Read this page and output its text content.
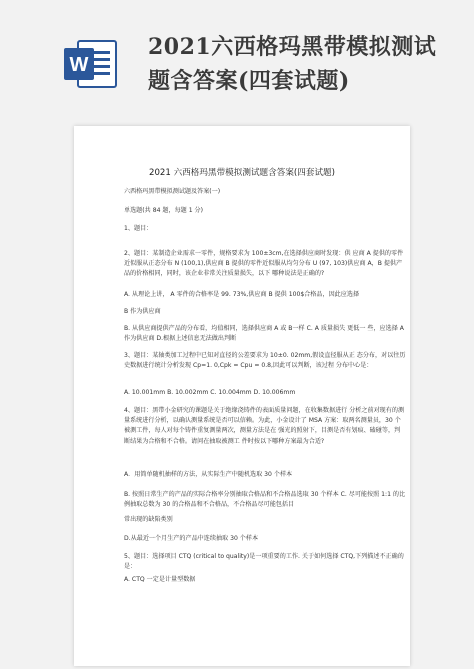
W
2021六西格玛黑带模拟测试题含答案(四套试题)

2021 六西格玛黑带模拟测试题含答案(四套试题)

六西格玛黑带模拟测试题及答案(一)

单选题(共 84 题，每题 1 分)

1、题目：

2、题目：某制造企业需求一零件，规格要求为 100±3cm,在选择供应商时发现：供 应商 A 提供的零件近似服从正态分布 N (100,1),供应商 B 提供的零件近似服从均匀分布 U (97, 103)供应商 A，B 提供产品的价格相同，同时，该企业非常关注质量损失，以下 哪种说法是正确的?

A. 从理论上讲， A 零件的合格率是 99. 73%,供应商 B 提供 100$合格品，因此应选择

B 作为供应商

B. 从供应商提供产品的分布看，均值相同，选择供应商 A 或 B一样 C. A 质量损失 更低一 些，应选择 A 作为供应商 D.根据上述信息无法做出判断

3、题目：某轴类加工过程中已知对直径的公差要求为 10±0. 02mm,假设直径服从正 态分布，对以往历史数据进行统计分析发现 Cp=1. 0,Cpk = Cpu = 0.8,因此可以判断，该过程 分布中心是：

A. 10.001mm B. 10.002mm C. 10.004mm D. 10.006mm

4、题目：黑带小金研究的课题是关于绝缘浇铸件的表面质量问题，在收集数据进行 分析之前对现有的测量系统进行分析，以确认测量系统是否可以信赖。为此，小金设计了 MSA 方案：取两名测量员，30 个被测工件，每人对每个铸件重复测量两次，测量方法是在 强光的照射下，目测是否有划痕、磕碰等，判断结果为合格和不合格。请问在抽取被测工 件时按以下哪种方案最为合适?

A．用简单随机抽样的方法，从实际生产中随机选取 30 个样本

B. 按照日常生产的产品的实际合格率分别抽取合格品和不合格品选取 30 个样本 C. 尽可能按照 1:1 的比例抽取总数为 30 的合格品和不合格品，不合格品尽可能包括目

常出现的缺陷类别

D.从最近一个月生产的产品中连续抽取 30 个样本

5、题目：选择项目 CTQ (critical to quality)是一项重要的工作. 关于如何选择 CTQ,下列描述不正确的是：

A. CTQ 一定是计量型数据
